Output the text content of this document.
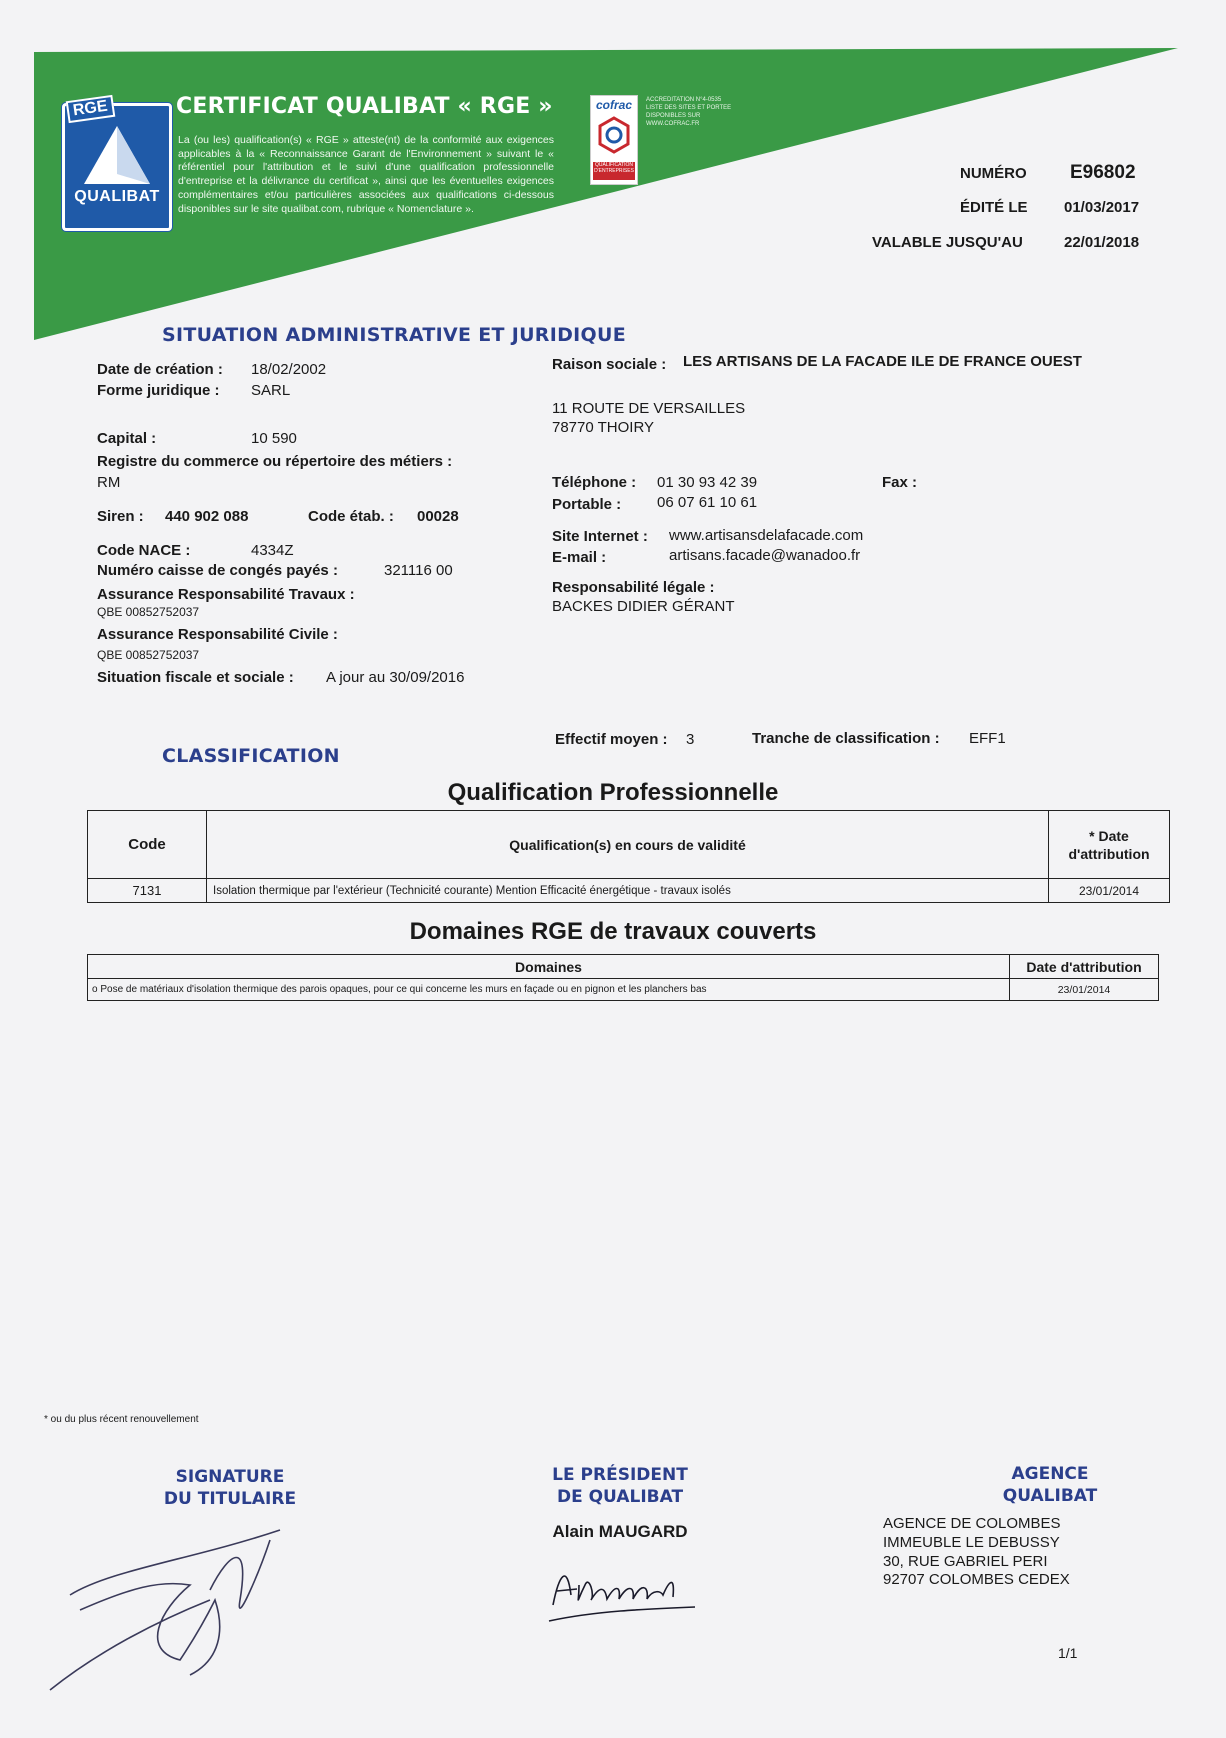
RGE
QUALIBAT
CERTIFICAT QUALIBAT « RGE »
La (ou les) qualification(s) « RGE » atteste(nt) de la conformité aux exigences applicables à la « Reconnaissance Garant de l'Environnement » suivant le « référentiel pour l'attribution et le suivi d'une qualification professionnelle d'entreprise et la délivrance du certificat », ainsi que les éventuelles exigences complémentaires et/ou particulières associées aux qualifications ci-dessous disponibles sur le site qualibat.com, rubrique « Nomenclature ».
cofrac
QUALIFICATION D'ENTREPRISES
ACCREDITATION N°4-0535 LISTE DES SITES ET PORTEE DISPONIBLES SUR WWW.COFRAC.FR
NUMÉRO E96802
ÉDITÉ LE 01/03/2017
VALABLE JUSQU'AU	22/01/2018
SITUATION ADMINISTRATIVE ET JURIDIQUE
Date de création : 18/02/2002
Forme juridique : SARL
Capital :	10 590
Registre du commerce ou répertoire des métiers :
RM
Siren : 440 902 088	Code étab. : 00028
Code NACE :	4334Z
Numéro caisse de congés payés :	321116 00
Assurance Responsabilité Travaux :
QBE 00852752037
Assurance Responsabilité Civile :
QBE 00852752037
Situation fiscale et sociale : A jour au 30/09/2016
Raison sociale : LES ARTISANS DE LA FACADE ILE DE FRANCE OUEST
11 ROUTE DE VERSAILLES
78770 THOIRY
Téléphone : 01 30 93 42 39	Fax :
Portable : 06 07 61 10 61
Site Internet : www.artisansdelafacade.com
E-mail :	artisans.facade@wanadoo.fr
Responsabilité légale :
BACKES DIDIER GÉRANT
CLASSIFICATION
Effectif moyen : 3	Tranche de classification : EFF1
Qualification Professionnelle
Code	Qualification(s) en cours de validité	* Date d'attribution
7131	Isolation thermique par l'extérieur (Technicité courante) Mention Efficacité énergétique - travaux isolés	23/01/2014
Domaines RGE de travaux couverts
Domaines	Date d'attribution
o Pose de matériaux d'isolation thermique des parois opaques, pour ce qui concerne les murs en façade ou en pignon et les planchers bas	23/01/2014
* ou du plus récent renouvellement
SIGNATURE
DU TITULAIRE
LE PRÉSIDENT
DE QUALIBAT
Alain MAUGARD
AGENCE
QUALIBAT
AGENCE DE COLOMBES
IMMEUBLE LE DEBUSSY
30, RUE GABRIEL PERI
92707 COLOMBES CEDEX
1/1
